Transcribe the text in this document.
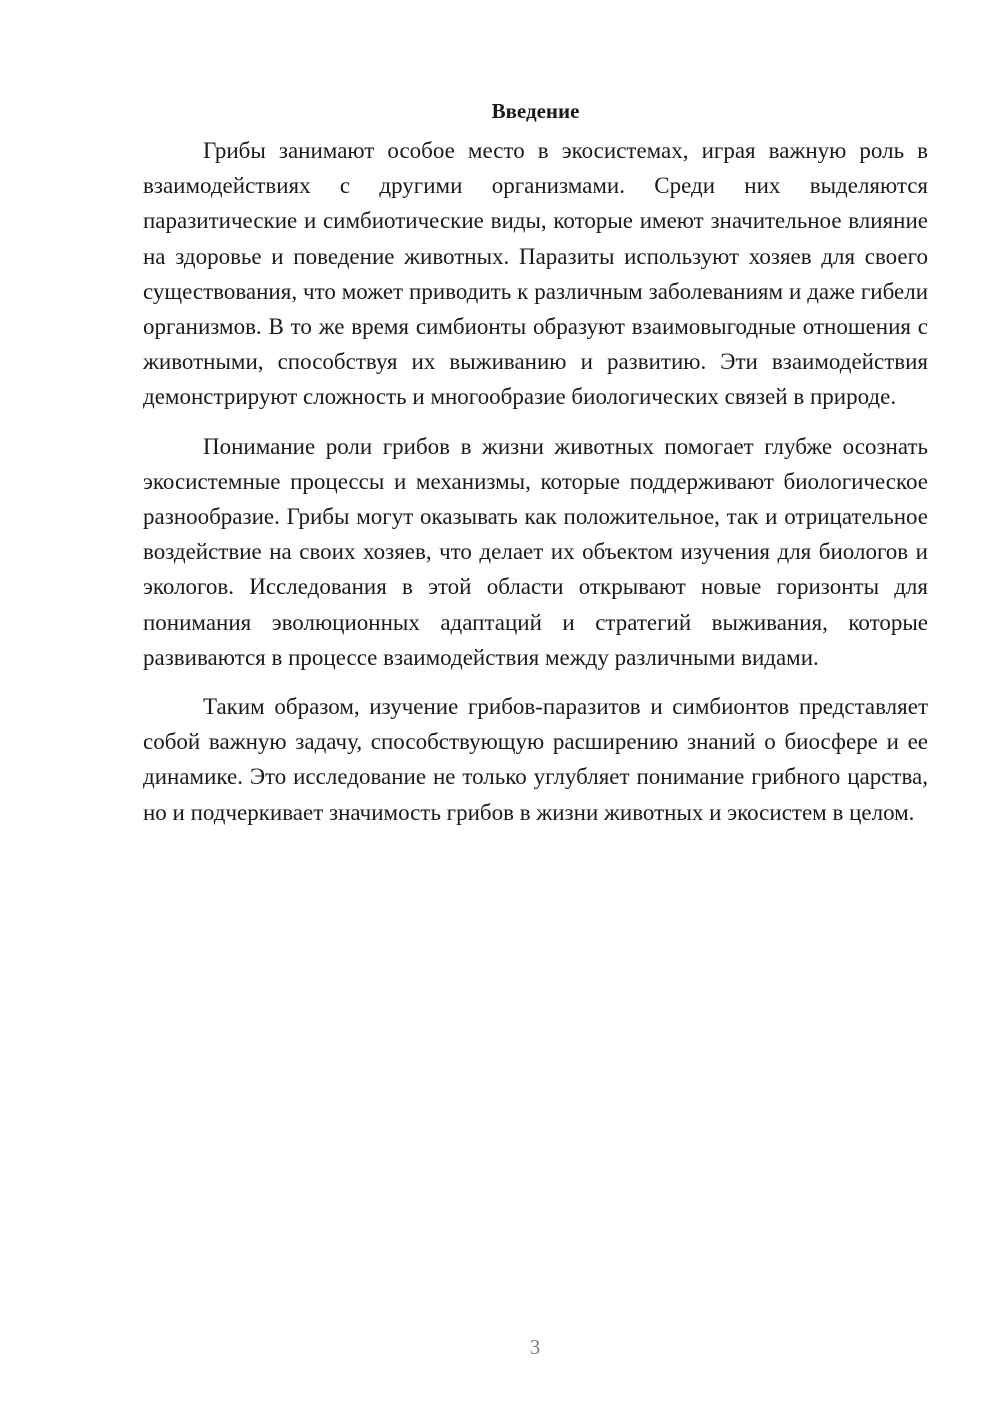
Введение

Грибы занимают особое место в экосистемах, играя важную роль в взаимодействиях с другими организмами. Среди них выделяются паразитические и симбиотические виды, которые имеют значительное влияние на здоровье и поведение животных. Паразиты используют хозяев для своего существования, что может приводить к различным заболеваниям и даже гибели организмов. В то же время симбионты образуют взаимовыгодные отношения с животными, способствуя их выживанию и развитию. Эти взаимодействия демонстрируют сложность и многообразие биологических связей в природе.

Понимание роли грибов в жизни животных помогает глубже осознать экосистемные процессы и механизмы, которые поддерживают биологическое разнообразие. Грибы могут оказывать как положительное, так и отрицательное воздействие на своих хозяев, что делает их объектом изучения для биологов и экологов. Исследования в этой области открывают новые горизонты для понимания эволюционных адаптаций и стратегий выживания, которые развиваются в процессе взаимодействия между различными видами.

Таким образом, изучение грибов-паразитов и симбионтов представляет собой важную задачу, способствующую расширению знаний о биосфере и ее динамике. Это исследование не только углубляет понимание грибного царства, но и подчеркивает значимость грибов в жизни животных и экосистем в целом.

3
